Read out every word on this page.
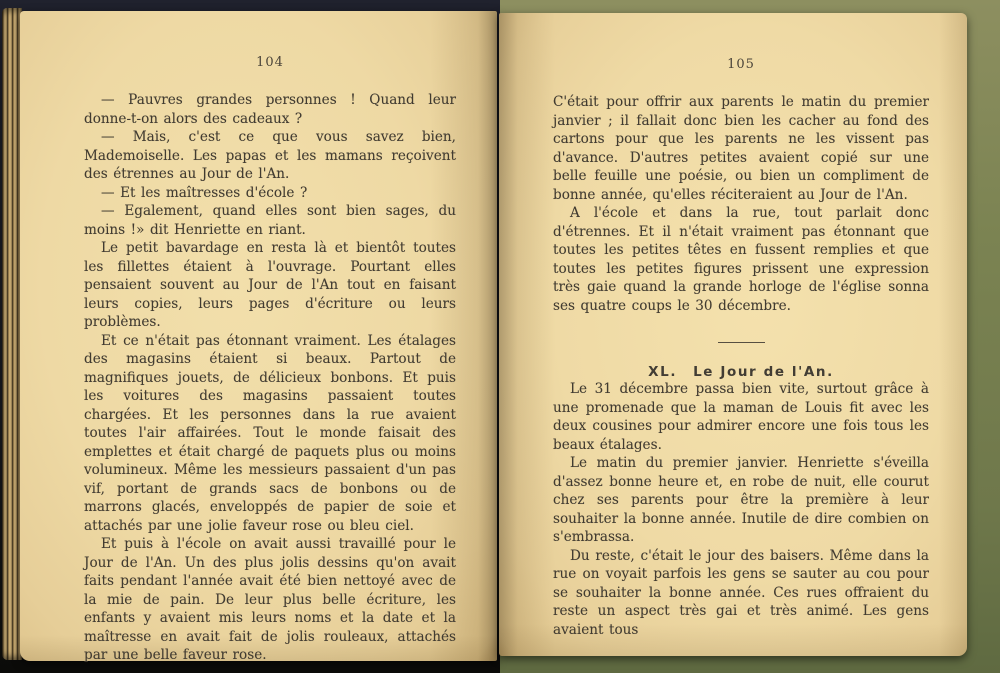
104

— Pauvres grandes personnes ! Quand leur donne-t-on alors des cadeaux ?

— Mais, c'est ce que vous savez bien, Mademoiselle. Les papas et les mamans reçoivent des étrennes au Jour de l'An.

— Et les maîtresses d'école ?

— Egalement, quand elles sont bien sages, du moins !» dit Henriette en riant.

Le petit bavardage en resta là et bientôt toutes les fillettes étaient à l'ouvrage. Pourtant elles pensaient souvent au Jour de l'An tout en faisant leurs copies, leurs pages d'écriture ou leurs problèmes.

Et ce n'était pas étonnant vraiment. Les étalages des magasins étaient si beaux. Partout de magnifiques jouets, de délicieux bonbons. Et puis les voitures des magasins passaient toutes chargées. Et les personnes dans la rue avaient toutes l'air affairées. Tout le monde faisait des emplettes et était chargé de paquets plus ou moins volumineux. Même les messieurs passaient d'un pas vif, portant de grands sacs de bonbons ou de marrons glacés, enveloppés de papier de soie et attachés par une jolie faveur rose ou bleu ciel.

Et puis à l'école on avait aussi travaillé pour le Jour de l'An. Un des plus jolis dessins qu'on avait faits pendant l'année avait été bien nettoyé avec de la mie de pain. De leur plus belle écriture, les enfants y avaient mis leurs noms et la date et la maîtresse en avait fait de jolis rouleaux, attachés par une belle faveur rose.

105

C'était pour offrir aux parents le matin du premier janvier ; il fallait donc bien les cacher au fond des cartons pour que les parents ne les vissent pas d'avance. D'autres petites avaient copié sur une belle feuille une poésie, ou bien un compliment de bonne année, qu'elles réciteraient au Jour de l'An.

A l'école et dans la rue, tout parlait donc d'étrennes. Et il n'était vraiment pas étonnant que toutes les petites têtes en fussent remplies et que toutes les petites figures prissent une expression très gaie quand la grande horloge de l'église sonna ses quatre coups le 30 décembre.

XL. Le Jour de l'An.

Le 31 décembre passa bien vite, surtout grâce à une promenade que la maman de Louis fit avec les deux cousines pour admirer encore une fois tous les beaux étalages.

Le matin du premier janvier. Henriette s'éveilla d'assez bonne heure et, en robe de nuit, elle courut chez ses parents pour être la première à leur souhaiter la bonne année. Inutile de dire combien on s'embrassa.

Du reste, c'était le jour des baisers. Même dans la rue on voyait parfois les gens se sauter au cou pour se souhaiter la bonne année. Ces rues offraient du reste un aspect très gai et très animé. Les gens avaient tous
